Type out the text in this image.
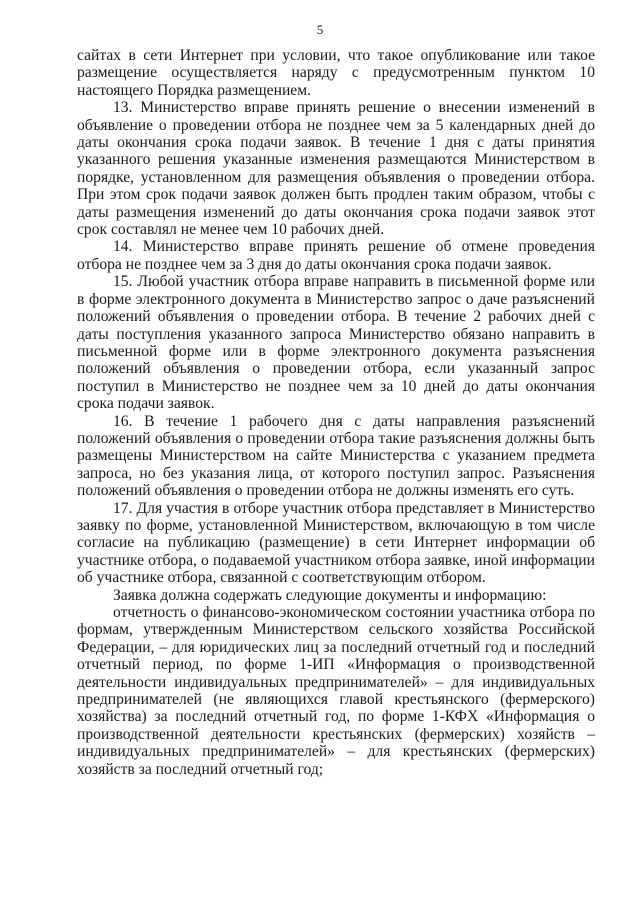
5

сайтах в сети Интернет при условии, что такое опубликование или такое размещение осуществляется наряду с предусмотренным пунктом 10 настоящего Порядка размещением.

13. Министерство вправе принять решение о внесении изменений в объявление о проведении отбора не позднее чем за 5 календарных дней до даты окончания срока подачи заявок. В течение 1 дня с даты принятия указанного решения указанные изменения размещаются Министерством в порядке, установленном для размещения объявления о проведении отбора. При этом срок подачи заявок должен быть продлен таким образом, чтобы с даты размещения изменений до даты окончания срока подачи заявок этот срок составлял не менее чем 10 рабочих дней.

14. Министерство вправе принять решение об отмене проведения отбора не позднее чем за 3 дня до даты окончания срока подачи заявок.

15. Любой участник отбора вправе направить в письменной форме или в форме электронного документа в Министерство запрос о даче разъяснений положений объявления о проведении отбора. В течение 2 рабочих дней с даты поступления указанного запроса Министерство обязано направить в письменной форме или в форме электронного документа разъяснения положений объявления о проведении отбора, если указанный запрос поступил в Министерство не позднее чем за 10 дней до даты окончания срока подачи заявок.

16. В течение 1 рабочего дня с даты направления разъяснений положений объявления о проведении отбора такие разъяснения должны быть размещены Министерством на сайте Министерства с указанием предмета запроса, но без указания лица, от которого поступил запрос. Разъяснения положений объявления о проведении отбора не должны изменять его суть.

17. Для участия в отборе участник отбора представляет в Министерство заявку по форме, установленной Министерством, включающую в том числе согласие на публикацию (размещение) в сети Интернет информации об участнике отбора, о подаваемой участником отбора заявке, иной информации об участнике отбора, связанной с соответствующим отбором.

Заявка должна содержать следующие документы и информацию:

отчетность о финансово-экономическом состоянии участника отбора по формам, утвержденным Министерством сельского хозяйства Российской Федерации, – для юридических лиц за последний отчетный год и последний отчетный период, по форме 1-ИП «Информация о производственной деятельности индивидуальных предпринимателей» – для индивидуальных предпринимателей (не являющихся главой крестьянского (фермерского) хозяйства) за последний отчетный год, по форме 1-КФХ «Информация о производственной деятельности крестьянских (фермерских) хозяйств – индивидуальных предпринимателей» – для крестьянских (фермерских) хозяйств за последний отчетный год;
